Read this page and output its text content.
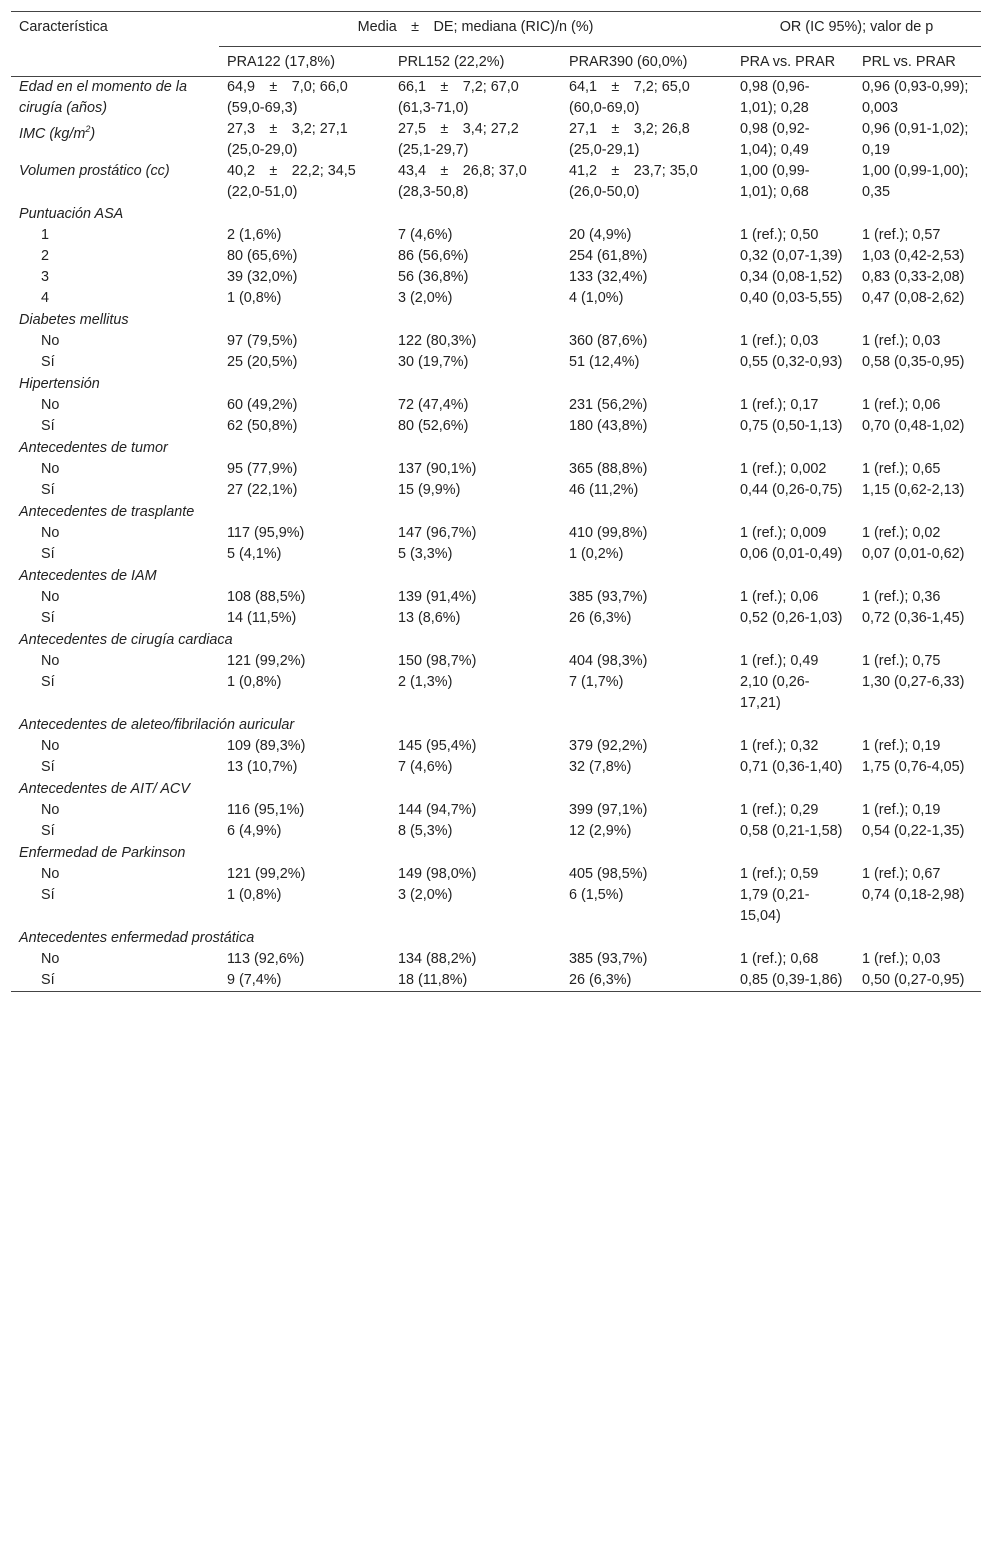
Característica	Media ± DE; mediana (RIC)/n (%)			OR (IC 95%); valor de p	
	PRA122 (17,8%)	PRL152 (22,2%)	PRAR390 (60,0%)	PRA vs. PRAR	PRL vs. PRAR
Edad en el momento de la cirugía (años)	64,9 ± 7,0; 66,0 (59,0-69,3)	66,1 ± 7,2; 67,0 (61,3-71,0)	64,1 ± 7,2; 65,0 (60,0-69,0)	0,98 (0,96-1,01); 0,28	0,96 (0,93-0,99); 0,003
IMC $(kg/m^2)$	27,3 ± 3,2; 27,1 (25,0-29,0)	27,5 ± 3,4; 27,2 (25,1-29,7)	27,1 ± 3,2; 26,8 (25,0-29,1)	0,98 (0,92-1,04); 0,49	0,96 (0,91-1,02); 0,19
Volumen prostático (cc)	40,2 ± 22,2; 34,5 (22,0-51,0)	43,4 ± 26,8; 37,0 (28,3-50,8)	41,2 ± 23,7; 35,0 (26,0-50,0)	1,00 (0,99-1,01); 0,68	1,00 (0,99-1,00); 0,35
Puntuación ASA					
1	2 (1,6%)	7 (4,6%)	20 (4,9%)	1 (ref.); 0,50	1 (ref.); 0,57
2	80 (65,6%)	86 (56,6%)	254 (61,8%)	0,32 (0,07-1,39)	1,03 (0,42-2,53)
3	39 (32,0%)	56 (36,8%)	133 (32,4%)	0,34 (0,08-1,52)	0,83 (0,33-2,08)
4	1 (0,8%)	3 (2,0%)	4 (1,0%)	0,40 (0,03-5,55)	0,47 (0,08-2,62)
Diabetes mellitus					
No	97 (79,5%)	122 (80,3%)	360 (87,6%)	1 (ref.); 0,03	1 (ref.); 0,03
Sí	25 (20,5%)	30 (19,7%)	51 (12,4%)	0,55 (0,32-0,93)	0,58 (0,35-0,95)
Hipertensión					
No	60 (49,2%)	72 (47,4%)	231 (56,2%)	1 (ref.); 0,17	1 (ref.); 0,06
Sí	62 (50,8%)	80 (52,6%)	180 (43,8%)	0,75 (0,50-1,13)	0,70 (0,48-1,02)
Antecedentes de tumor					
No	95 (77,9%)	137 (90,1%)	365 (88,8%)	1 (ref.); 0,002	1 (ref.); 0,65
Sí	27 (22,1%)	15 (9,9%)	46 (11,2%)	0,44 (0,26-0,75)	1,15 (0,62-2,13)
Antecedentes de trasplante					
No	117 (95,9%)	147 (96,7%)	410 (99,8%)	1 (ref.); 0,009	1 (ref.); 0,02
Sí	5 (4,1%)	5 (3,3%)	1 (0,2%)	0,06 (0,01-0,49)	0,07 (0,01-0,62)
Antecedentes de IAM					
No	108 (88,5%)	139 (91,4%)	385 (93,7%)	1 (ref.); 0,06	1 (ref.); 0,36
Sí	14 (11,5%)	13 (8,6%)	26 (6,3%)	0,52 (0,26-1,03)	0,72 (0,36-1,45)
Antecedentes de cirugía cardiaca					
No	121 (99,2%)	150 (98,7%)	404 (98,3%)	1 (ref.); 0,49	1 (ref.); 0,75
Sí	1 (0,8%)	2 (1,3%)	7 (1,7%)	2,10 (0,26-17,21)	1,30 (0,27-6,33)
Antecedentes de aleteo/fibrilación auricular					
No	109 (89,3%)	145 (95,4%)	379 (92,2%)	1 (ref.); 0,32	1 (ref.); 0,19
Sí	13 (10,7%)	7 (4,6%)	32 (7,8%)	0,71 (0,36-1,40)	1,75 (0,76-4,05)
Antecedentes de AIT/ ACV					
No	116 (95,1%)	144 (94,7%)	399 (97,1%)	1 (ref.); 0,29	1 (ref.); 0,19
Sí	6 (4,9%)	8 (5,3%)	12 (2,9%)	0,58 (0,21-1,58)	0,54 (0,22-1,35)
Enfermedad de Parkinson					
No	121 (99,2%)	149 (98,0%)	405 (98,5%)	1 (ref.); 0,59	1 (ref.); 0,67
Sí	1 (0,8%)	3 (2,0%)	6 (1,5%)	1,79 (0,21-15,04)	0,74 (0,18-2,98)
Antecedentes enfermedad prostática					
No	113 (92,6%)	134 (88,2%)	385 (93,7%)	1 (ref.); 0,68	1 (ref.); 0,03
Sí	9 (7,4%)	18 (11,8%)	26 (6,3%)	0,85 (0,39-1,86)	0,50 (0,27-0,95)
